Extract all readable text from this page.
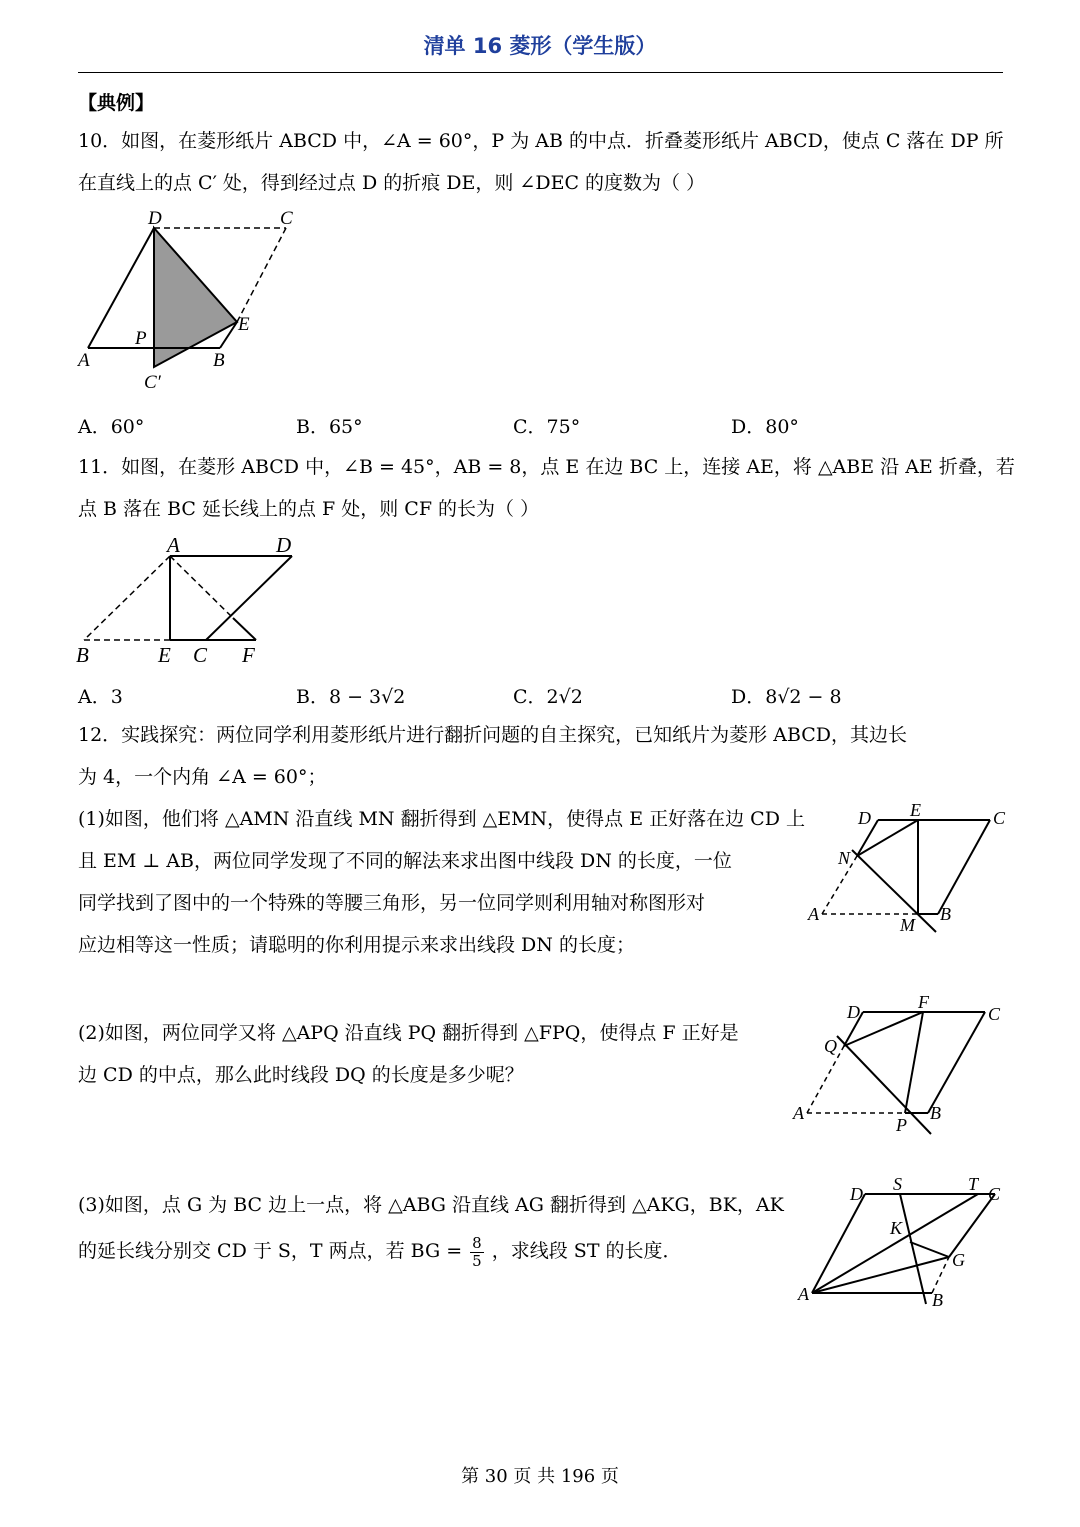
清单 16 菱形（学生版）
【典例】
10．如图，在菱形纸片 ABCD 中，∠A = 60°，P 为 AB 的中点．折叠菱形纸片 ABCD，使点 C 落在 DP 所
在直线上的点 C′ 处，得到经过点 D 的折痕 DE，则 ∠DEC 的度数为（ ）
D	C
E
P
A	B
C′
A．60°	B．65°	C．75°	D．80°
11．如图，在菱形 ABCD 中，∠B = 45°，AB = 8，点 E 在边 BC 上，连接 AE，将 △ABE 沿 AE 折叠，若
点 B 落在 BC 延长线上的点 F 处，则 CF 的长为（ ）
A	D
B	E C F
A．3	B．8 − 3√2	C．2√2	D．8√2 − 8
12．实践探究：两位同学利用菱形纸片进行翻折问题的自主探究，已知纸片为菱形 ABCD，其边长
为 4，一个内角 ∠A = 60°；
(1)如图，他们将 △AMN 沿直线 MN 翻折得到 △EMN，使得点 E 正好落在边 CD 上
且 EM ⊥ AB，两位同学发现了不同的解法来求出图中线段 DN 的长度，一位
同学找到了图中的一个特殊的等腰三角形，另一位同学则利用轴对称图形对
应边相等这一性质；请聪明的你利用提示来求出线段 DN 的长度；
D E	C
N
A
M
B
(2)如图，两位同学又将 △APQ 沿直线 PQ 翻折得到 △FPQ，使得点 F 正好是
边 CD 的中点，那么此时线段 DQ 的长度是多少呢？
D	F
C
Q
A
P
B
(3)如图，点 G 为 BC 边上一点，将 △ABG 沿直线 AG 翻折得到 △AKG，BK，AK
的延长线分别交 CD 于 S，T 两点，若 BG = $\frac{8}{5}$ ，求线段 ST 的长度．
D S	T C
K
G
A	B
第 30 页 共 196 页
